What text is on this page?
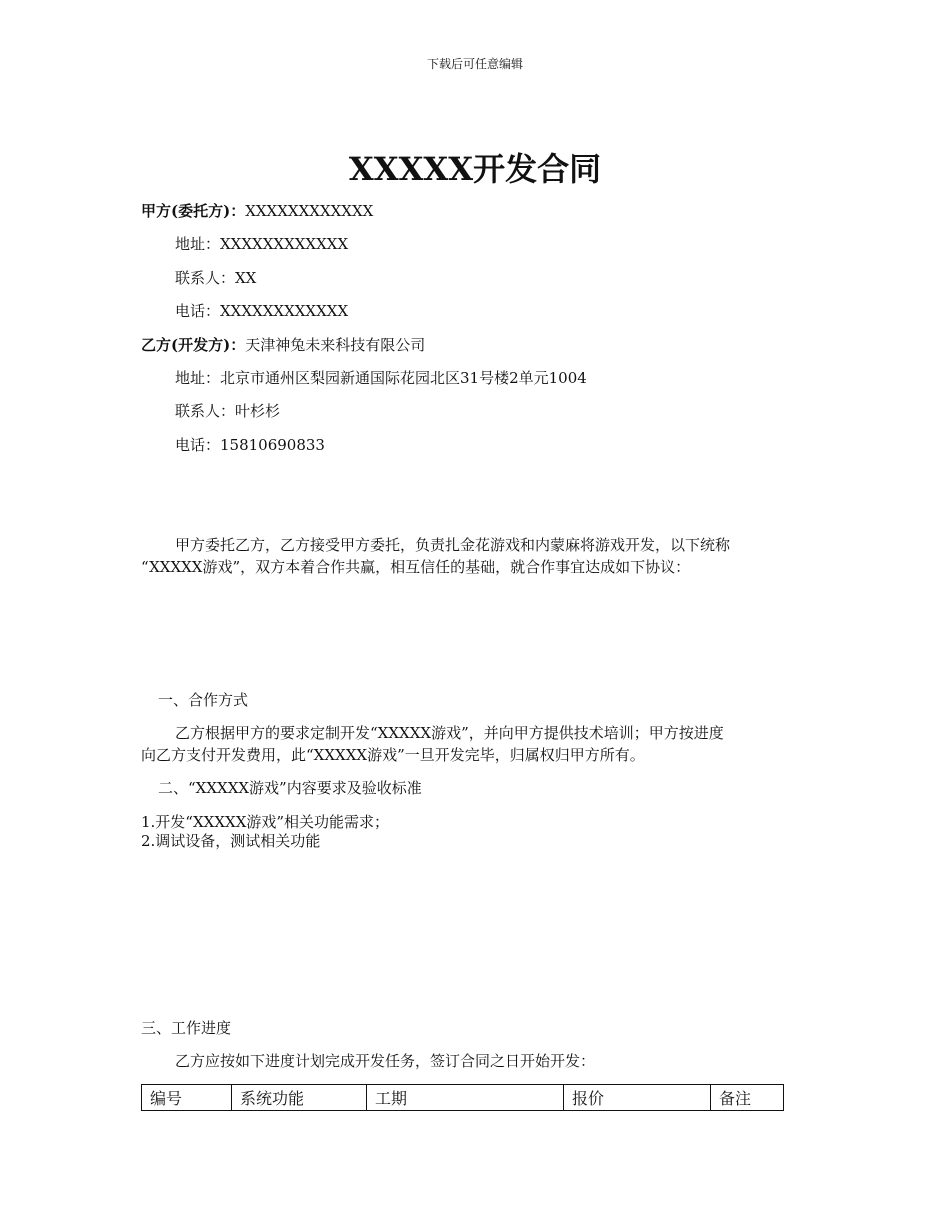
下载后可任意编辑
XXXXX开发合同
甲方(委托方)：XXXXXXXXXXXX
地址：XXXXXXXXXXXX
联系人：XX
电话：XXXXXXXXXXXX
乙方(开发方)：天津神兔未来科技有限公司
地址：北京市通州区梨园新通国际花园北区31号楼2单元1004
联系人：叶杉杉
电话：15810690833
甲方委托乙方，乙方接受甲方委托，负责扎金花游戏和内蒙麻将游戏开发，以下统称
“XXXXX游戏”，双方本着合作共赢，相互信任的基础，就合作事宜达成如下协议：
一、合作方式
乙方根据甲方的要求定制开发“XXXXX游戏”，并向甲方提供技术培训；甲方按进度
向乙方支付开发费用，此“XXXXX游戏”一旦开发完毕，归属权归甲方所有。
二、“XXXXX游戏”内容要求及验收标准
1.开发“XXXXX游戏”相关功能需求；
2.调试设备，测试相关功能
三、工作进度
乙方应按如下进度计划完成开发任务，签订合同之日开始开发：
编号	系统功能	工期	报价	备注
